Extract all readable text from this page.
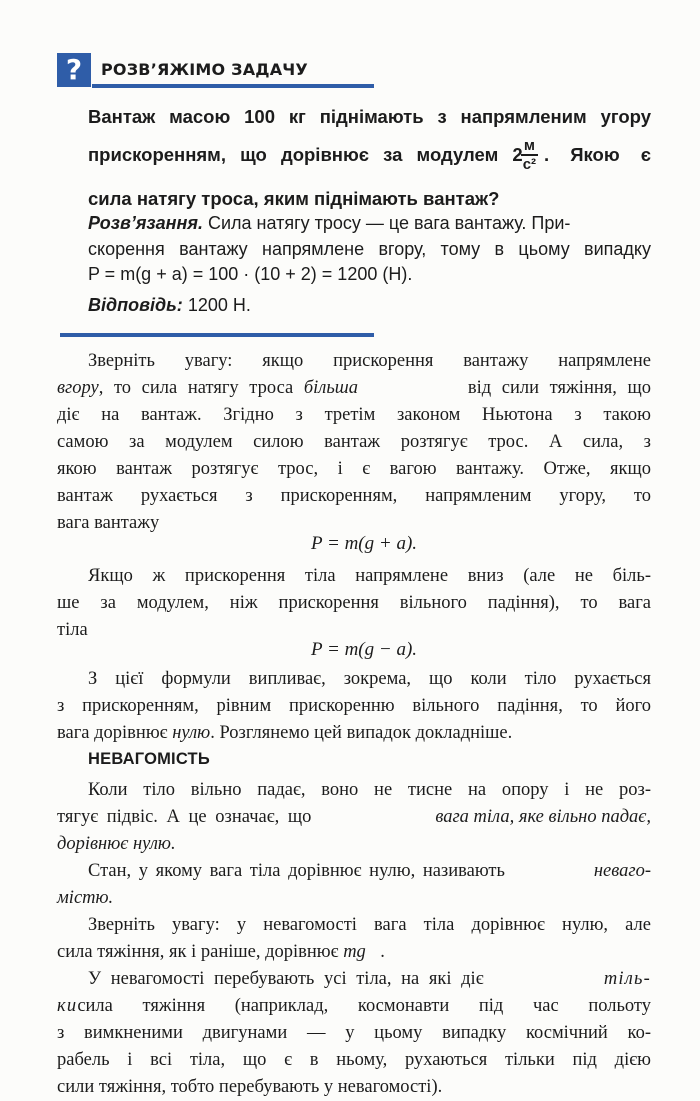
?	РОЗВ’ЯЖІМО ЗАДАЧУ
Вантаж масою 100 кг піднімають з напрямленим угору
прискоренням, що дорівнює за модулем 2
$\frac{м}{\text{с²}}$ . Якою є
сила натягу троса, яким піднімають вантаж?
Розв’язання. Сила натягу тросу — це вага вантажу. При-
скорення вантажу напрямлене вгору, тому в цьому випадку
P = m(g + a) = 100 · (10 + 2) = 1200 (Н).
Відповідь: 1200 Н.
Зверніть увагу: якщо прискорення вантажу напрямлене
вгору, то сила натягу троса більша	від сили тяжіння, що
діє на вантаж. Згідно з третім законом Ньютона з такою
самою за модулем силою вантаж розтягує трос. А сила, з
якою вантаж розтягує трос, і є вагою вантажу. Отже, якщо
вантаж рухається з прискоренням, напрямленим угору, то
вага вантажу
P = m(g + a).
Якщо ж прискорення тіла напрямлене вниз (але не біль-
ше за модулем, ніж прискорення вільного падіння), то вага
тіла
P = m(g − a).
З цієї формули випливає, зокрема, що коли тіло рухається
з прискоренням, рівним прискоренню вільного падіння, то його
вага дорівнює нулю. Розглянемо цей випадок докладніше.
НЕВАГОМІСТЬ
Коли тіло вільно падає, воно не тисне на опору і не роз-
тягує підвіс. А це означає, що	вага тіла, яке вільно падає,
дорівнює нулю.
Стан, у якому вага тіла дорівнює нулю, називають	невагo-
містю.
Зверніть увагу: у невагомості вага тіла дорівнює нулю, але
сила тяжіння, як і раніше, дорівнює mg⃗.
У невагомості перебувають усі тіла, на які діє	тіль-
ки сила тяжіння (наприклад, космонавти під час польоту
з вимкненими двигунами — у цьому випадку космічний ко-
рабель і всі тіла, що є в ньому, рухаються тільки під дією
сили тяжіння, тобто перебувають у невагомості).
